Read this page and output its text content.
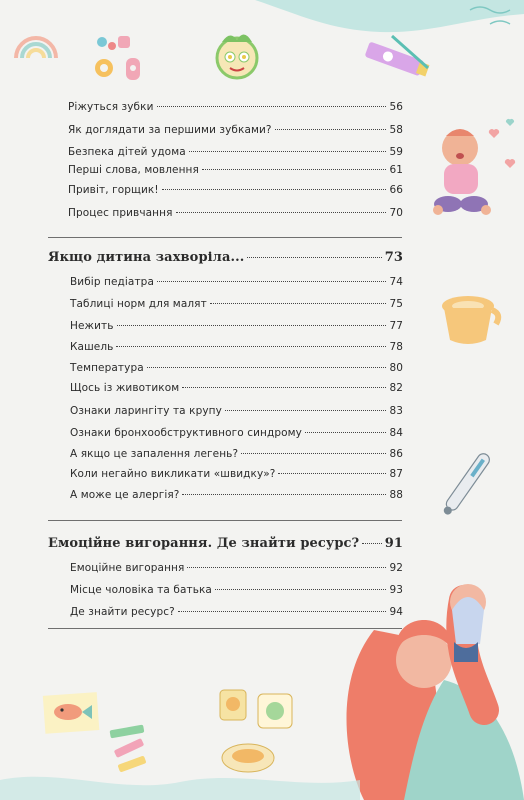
Ріжуться зубки	56
Як доглядати за першими зубками?	58
Безпека дітей удома	59
Перші слова, мовлення	61
Привіт, горщик!	66
Процес привчання	70
Якщо дитина захворіла...	73
Вибір педіатра	74
Таблиці норм для малят	75
Нежить	77
Кашель	78
Температура	80
Щось із животиком	82
Ознаки ларингіту та крупу	83
Ознаки бронхообструктивного синдрому	84
А якщо це запалення легень?	86
Коли негайно викликати «швидку»?	87
А може це алергія?	88
Емоційне вигорання. Де знайти ресурс? 91
Емоційне вигорання	92
Місце чоловіка та батька	93
Де знайти ресурс?	94
